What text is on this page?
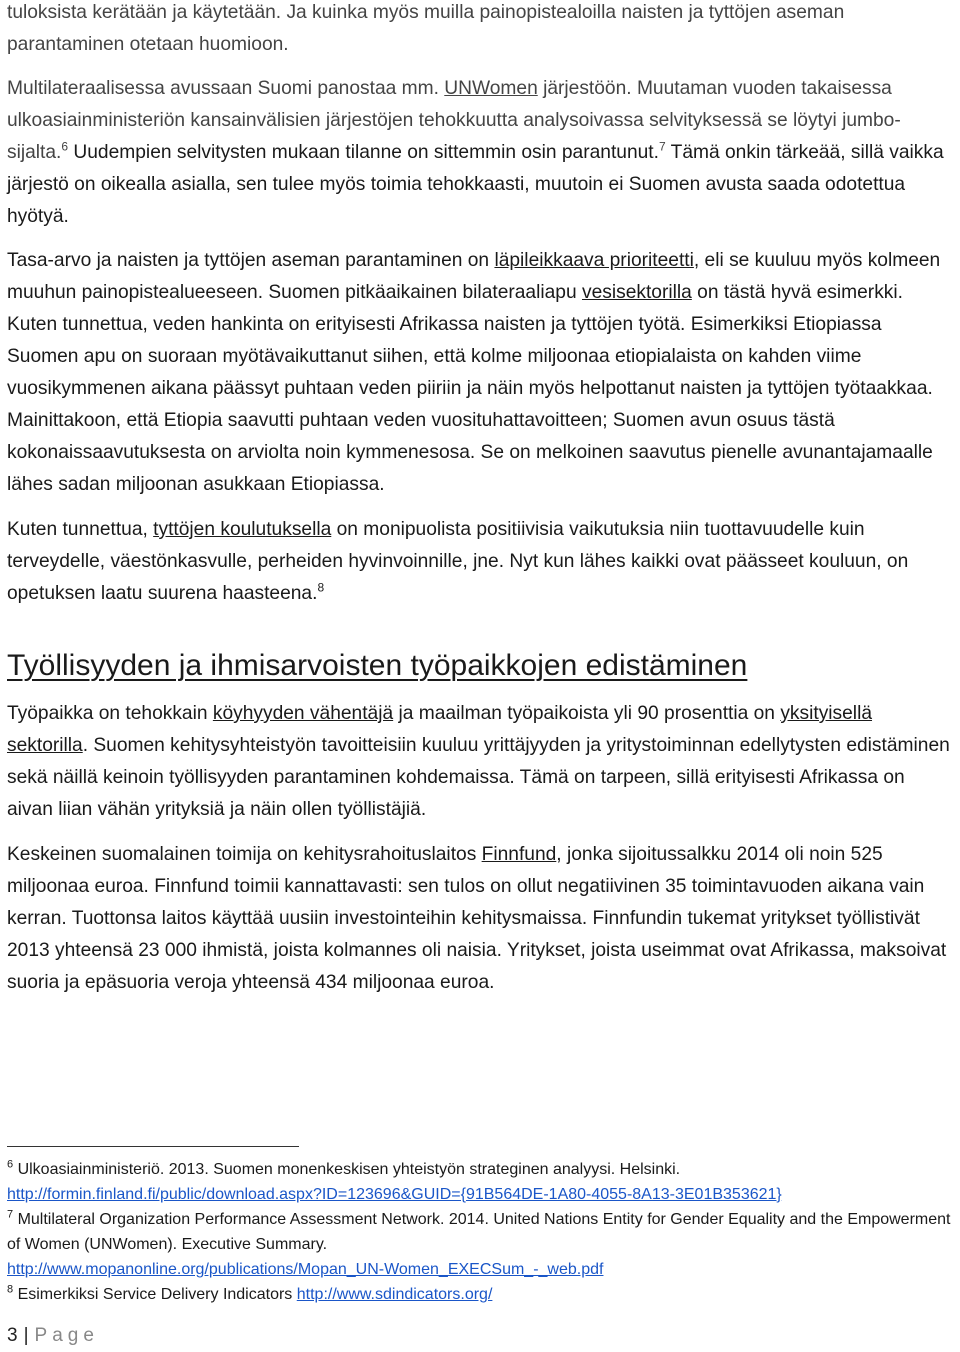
tuloksista kerätään ja käytetään. Ja kuinka myös muilla painopistealoilla naisten ja tyttöjen aseman parantaminen otetaan huomioon.

Multilateraalisessa avussaan Suomi panostaa mm. UNWomen järjestöön. Muutaman vuoden takaisessa ulkoasiainministeriön kansainvälisien järjestöjen tehokkuutta analysoivassa selvityksessä se löytyi jumbo-sijalta.$^6$ Uudempien selvitysten mukaan tilanne on sittemmin osin parantunut.$^7$ Tämä onkin tärkeää, sillä vaikka järjestö on oikealla asialla, sen tulee myös toimia tehokkaasti, muutoin ei Suomen avusta saada odotettua hyötyä.

Tasa-arvo ja naisten ja tyttöjen aseman parantaminen on läpileikkaava prioriteetti, eli se kuuluu myös kolmeen muuhun painopistealueeseen. Suomen pitkäaikainen bilateraaliapu vesisektorilla on tästä hyvä esimerkki. Kuten tunnettua, veden hankinta on erityisesti Afrikassa naisten ja tyttöjen työtä. Esimerkiksi Etiopiassa Suomen apu on suoraan myötävaikuttanut siihen, että kolme miljoonaa etiopialaista on kahden viime vuosikymmenen aikana päässyt puhtaan veden piiriin ja näin myös helpottanut naisten ja tyttöjen työtaakkaa. Mainittakoon, että Etiopia saavutti puhtaan veden vuosituhattavoitteen; Suomen avun osuus tästä kokonaissaavutuksesta on arviolta noin kymmenesosa. Se on melkoinen saavutus pienelle avunantajamaalle lähes sadan miljoonan asukkaan Etiopiassa.

Kuten tunnettua, tyttöjen koulutuksella on monipuolista positiivisia vaikutuksia niin tuottavuudelle kuin terveydelle, väestönkasvulle, perheiden hyvinvoinnille, jne. Nyt kun lähes kaikki ovat päässeet kouluun, on opetuksen laatu suurena haasteena.$^8$

Työllisyyden ja ihmisarvoisten työpaikkojen edistäminen

Työpaikka on tehokkain köyhyyden vähentäjä ja maailman työpaikoista yli 90 prosenttia on yksityisellä sektorilla. Suomen kehitysyhteistyön tavoitteisiin kuuluu yrittäjyyden ja yritystoiminnan edellytysten edistäminen sekä näillä keinoin työllisyyden parantaminen kohdemaissa. Tämä on tarpeen, sillä erityisesti Afrikassa on aivan liian vähän yrityksiä ja näin ollen työllistäjiä.

Keskeinen suomalainen toimija on kehitysrahoituslaitos Finnfund, jonka sijoitussalkku 2014 oli noin 525 miljoonaa euroa. Finnfund toimii kannattavasti: sen tulos on ollut negatiivinen 35 toimintavuoden aikana vain kerran. Tuottonsa laitos käyttää uusiin investointeihin kehitysmaissa. Finnfundin tukemat yritykset työllistivät 2013 yhteensä 23 000 ihmistä, joista kolmannes oli naisia. Yritykset, joista useimmat ovat Afrikassa, maksoivat suoria ja epäsuoria veroja yhteensä 434 miljoonaa euroa.

$^6$ Ulkoasiainministeriö. 2013. Suomen monenkeskisen yhteistyön strateginen analyysi. Helsinki.
http://formin.finland.fi/public/download.aspx?ID=123696&GUID={91B564DE-1A80-4055-8A13-3E01B353621}

$^7$ Multilateral Organization Performance Assessment Network. 2014. United Nations Entity for Gender Equality and the Empowerment of Women (UNWomen). Executive Summary.
http://www.mopanonline.org/publications/Mopan_UN-Women_EXECSum_-_web.pdf

$^8$ Esimerkiksi Service Delivery Indicators http://www.sdindicators.org/

3 | Page
